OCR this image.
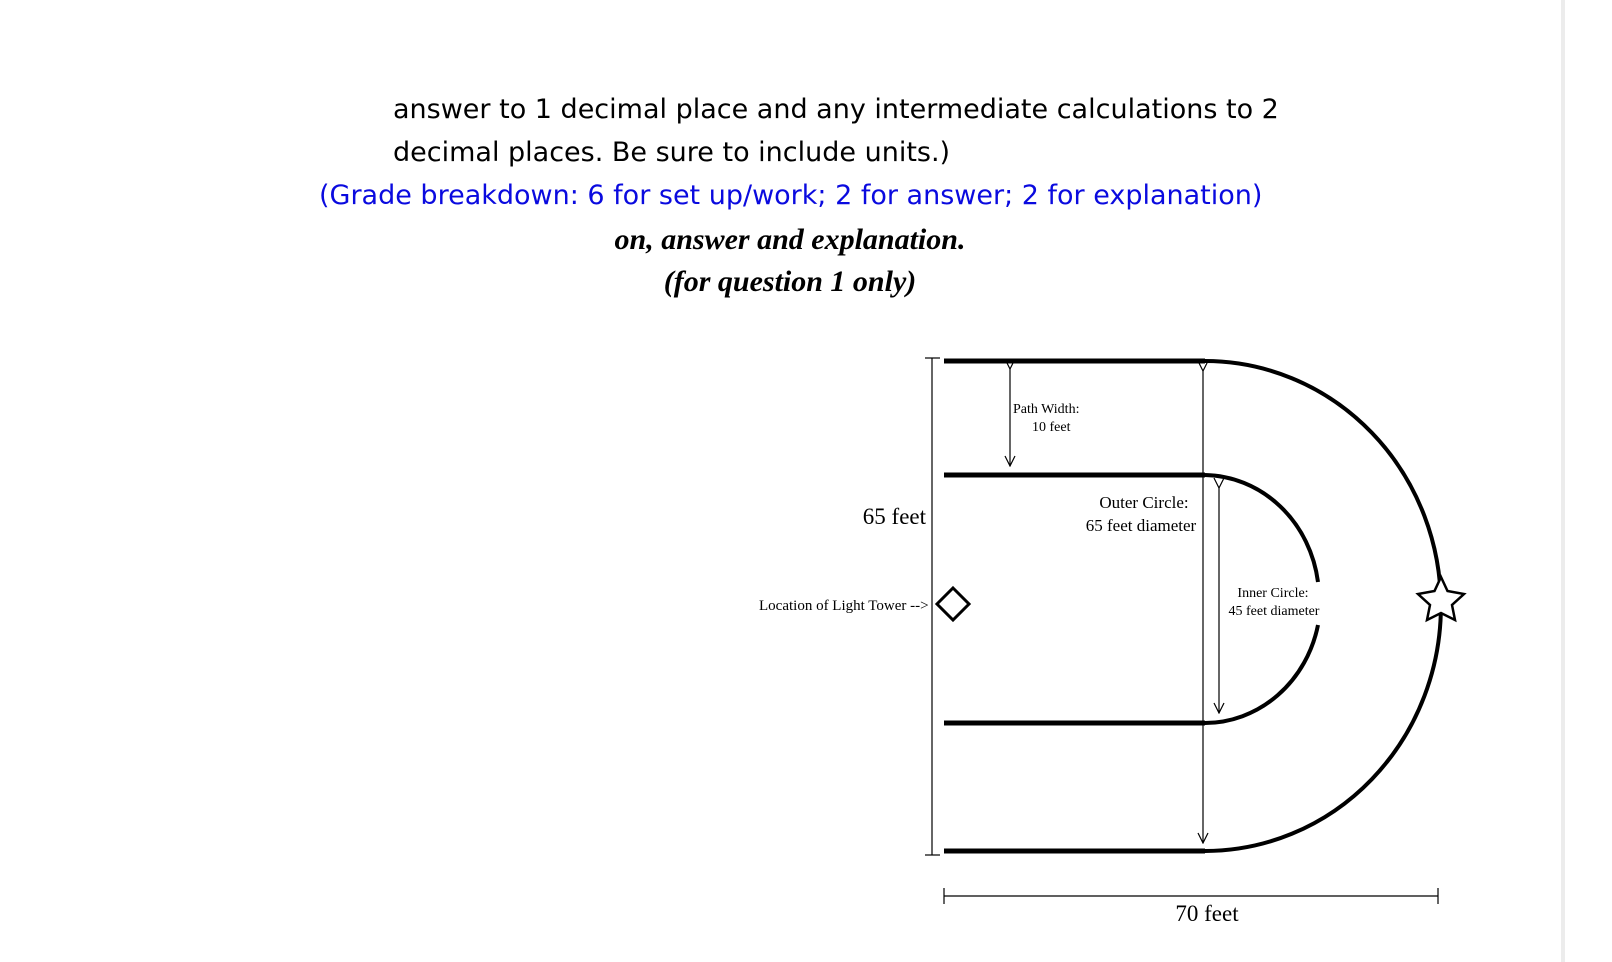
answer to 1 decimal place and any intermediate calculations to 2
decimal places. Be sure to include units.)
(Grade breakdown: 6 for set up/work; 2 for answer; 2 for explanation)
on, answer and explanation.
(for question 1 only)
65 feet
Path Width:
10 feet
Outer Circle:
65 feet diameter
Inner Circle:
45 feet diameter
Location of Light Tower -->
70 feet
